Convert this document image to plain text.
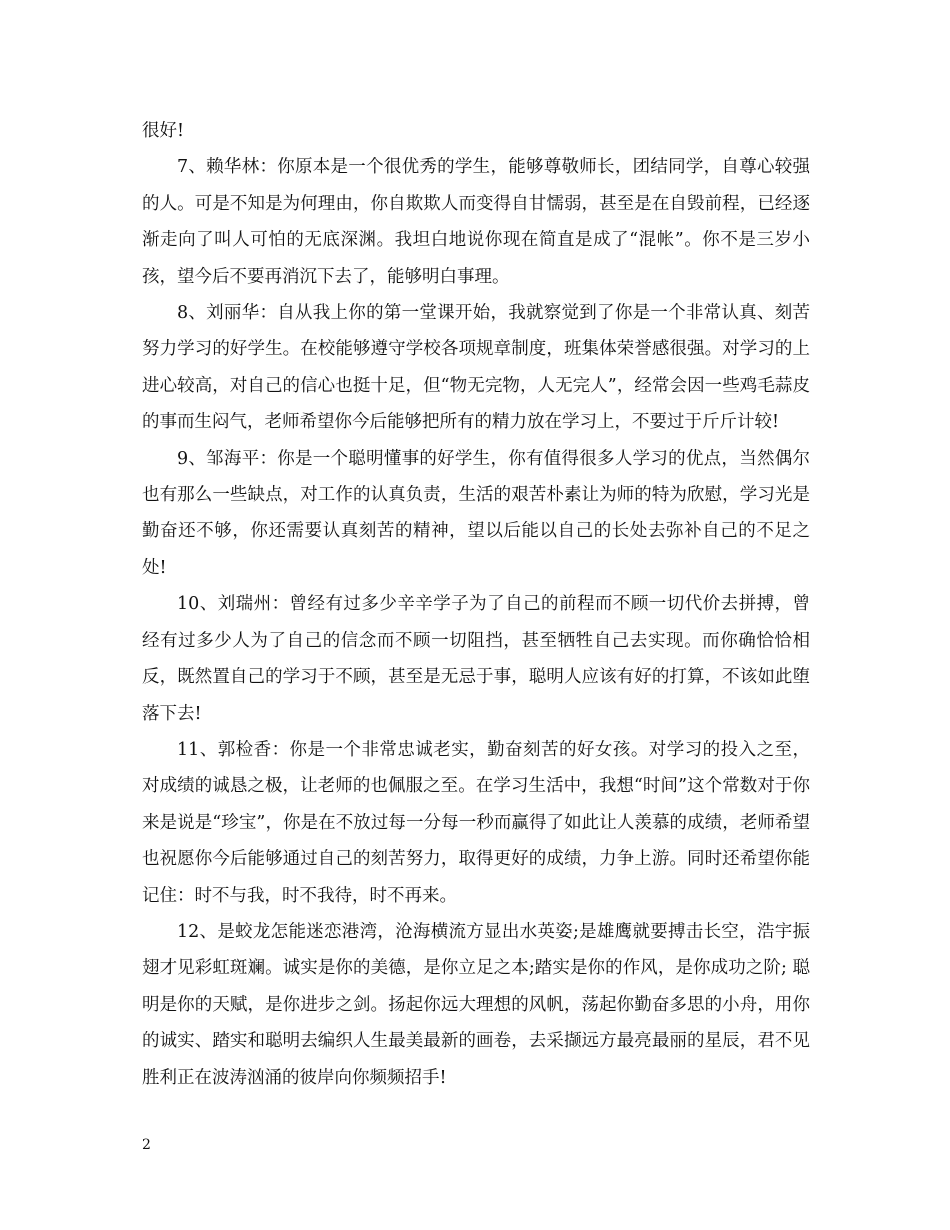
很好!

7、赖华林：你原本是一个很优秀的学生，能够尊敬师长，团结同学，自尊心较强的人。可是不知是为何理由，你自欺欺人而变得自甘懦弱，甚至是在自毁前程，已经逐渐走向了叫人可怕的无底深渊。我坦白地说你现在简直是成了“混帐”。你不是三岁小孩，望今后不要再消沉下去了，能够明白事理。

8、刘丽华：自从我上你的第一堂课开始，我就察觉到了你是一个非常认真、刻苦努力学习的好学生。在校能够遵守学校各项规章制度，班集体荣誉感很强。对学习的上进心较高，对自己的信心也挺十足，但“物无完物，人无完人”，经常会因一些鸡毛蒜皮的事而生闷气，老师希望你今后能够把所有的精力放在学习上，不要过于斤斤计较!

9、邹海平：你是一个聪明懂事的好学生，你有值得很多人学习的优点，当然偶尔也有那么一些缺点，对工作的认真负责，生活的艰苦朴素让为师的特为欣慰，学习光是勤奋还不够，你还需要认真刻苦的精神，望以后能以自己的长处去弥补自己的不足之处!

10、刘瑞州：曾经有过多少辛辛学子为了自己的前程而不顾一切代价去拼搏，曾经有过多少人为了自己的信念而不顾一切阻挡，甚至牺牲自己去实现。而你确恰恰相反，既然置自己的学习于不顾，甚至是无忌于事，聪明人应该有好的打算，不该如此堕落下去!

11、郭检香：你是一个非常忠诚老实，勤奋刻苦的好女孩。对学习的投入之至，对成绩的诚恳之极，让老师的也佩服之至。在学习生活中，我想“时间”这个常数对于你来是说是“珍宝”，你是在不放过每一分每一秒而赢得了如此让人羡慕的成绩，老师希望也祝愿你今后能够通过自己的刻苦努力，取得更好的成绩，力争上游。同时还希望你能记住：时不与我，时不我待，时不再来。

12、是蛟龙怎能迷恋港湾，沧海横流方显出水英姿;是雄鹰就要搏击长空，浩宇振翅才见彩虹斑斓。诚实是你的美德，是你立足之本;踏实是你的作风，是你成功之阶; 聪明是你的天赋，是你进步之剑。扬起你远大理想的风帆，荡起你勤奋多思的小舟，用你的诚实、踏实和聪明去编织人生最美最新的画卷，去采撷远方最亮最丽的星辰，君不见胜利正在波涛汹涌的彼岸向你频频招手!

2
